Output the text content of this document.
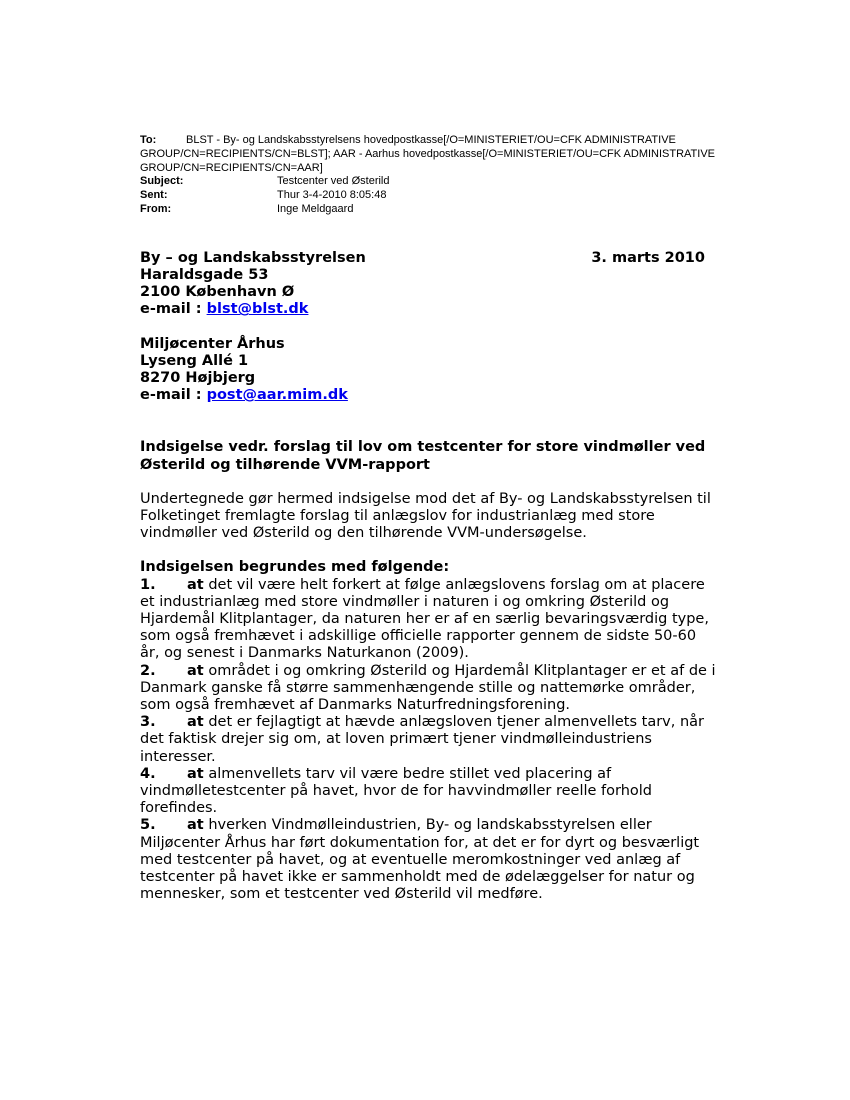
To:	BLST - By- og Landskabsstyrelsens hovedpostkasse[/O=MINISTERIET/OU=CFK ADMINISTRATIVE GROUP/CN=RECIPIENTS/CN=BLST]; AAR - Aarhus hovedpostkasse[/O=MINISTERIET/OU=CFK ADMINISTRATIVE GROUP/CN=RECIPIENTS/CN=AAR]
Subject:	Testcenter ved Østerild
Sent:	Thur 3-4-2010 8:05:48
From:	Inge Meldgaard
By – og Landskabsstyrelsen	3. marts 2010
Haraldsgade 53
2100 København Ø
e-mail : blst@blst.dk
Miljøcenter Århus
Lyseng Allé 1
8270 Højbjerg
e-mail : post@aar.mim.dk
Indsigelse vedr. forslag til lov om testcenter for store vindmøller ved Østerild og tilhørende VVM-rapport
Undertegnede gør hermed indsigelse mod det af By- og Landskabsstyrelsen til Folketinget fremlagte forslag til anlægslov for industrianlæg med store vindmøller ved Østerild og den tilhørende VVM-undersøgelse.
Indsigelsen begrundes med følgende:
1. at det vil være helt forkert at følge anlægslovens forslag om at placere et industrianlæg med store vindmøller i naturen i og omkring Østerild og Hjardemål Klitplantager, da naturen her er af en særlig bevaringsværdig type, som også fremhævet i adskillige officielle rapporter gennem de sidste 50-60 år, og senest i Danmarks Naturkanon (2009).
2. at området i og omkring Østerild og Hjardemål Klitplantager er et af de i Danmark ganske få større sammenhængende stille og nattemørke områder, som også fremhævet af Danmarks Naturfredningsforening.
3. at det er fejlagtigt at hævde anlægsloven tjener almenvellets tarv, når det faktisk drejer sig om, at loven primært tjener vindmølleindustriens interesser.
4. at almenvellets tarv vil være bedre stillet ved placering af vindmølletestcenter på havet, hvor de for havvindmøller reelle forhold forefindes.
5. at hverken Vindmølleindustrien, By- og landskabsstyrelsen eller Miljøcenter Århus har ført dokumentation for, at det er for dyrt og besværligt med testcenter på havet, og at eventuelle meromkostninger ved anlæg af testcenter på havet ikke er sammenholdt med de ødelæggelser for natur og mennesker, som et testcenter ved Østerild vil medføre.
